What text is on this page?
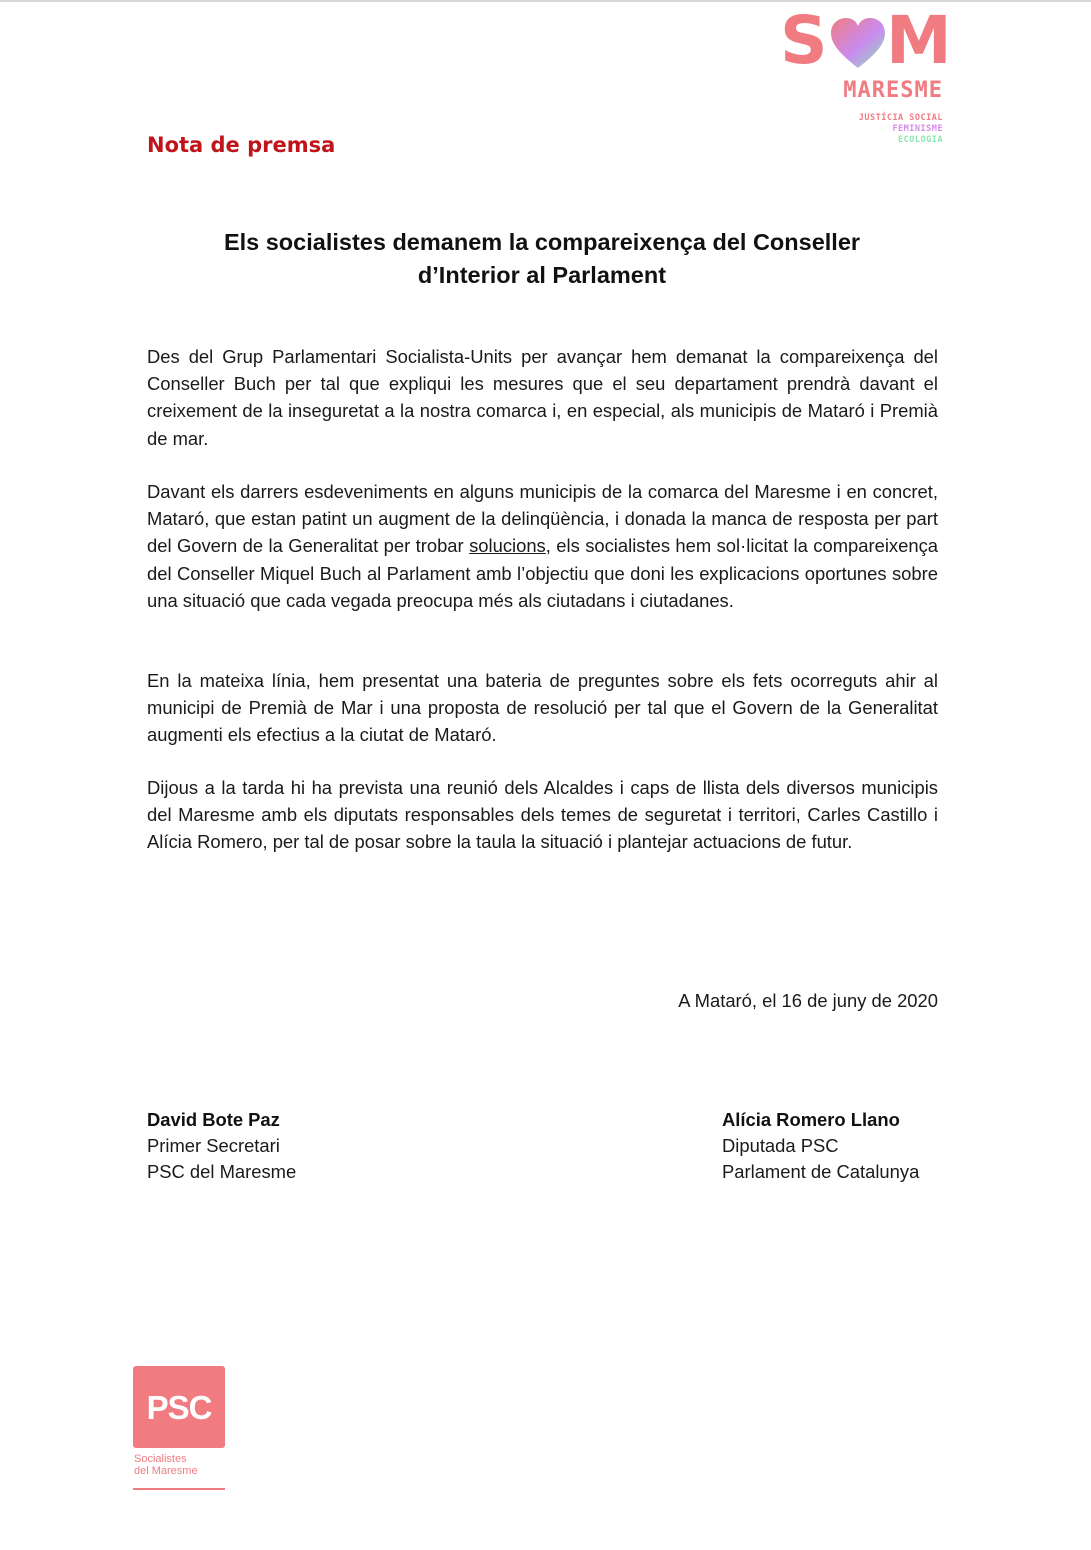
S M
MARESME
JUSTÍCIA SOCIAL
FEMINISME
ECOLOGIA
Nota de premsa
Els socialistes demanem la compareixença del Conseller
d’Interior al Parlament
Des del Grup Parlamentari Socialista-Units per avançar hem demanat la compareixença del Conseller Buch per tal que expliqui les mesures que el seu departament prendrà davant el creixement de la inseguretat a la nostra comarca i, en especial, als municipis de Mataró i Premià de mar.
Davant els darrers esdeveniments en alguns municipis de la comarca del Maresme i en concret, Mataró, que estan patint un augment de la delinqüència, i donada la manca de resposta per part del Govern de la Generalitat per trobar solucions, els socialistes hem sol·licitat la compareixença del Conseller Miquel Buch al Parlament amb l’objectiu que doni les explicacions oportunes sobre una situació que cada vegada preocupa més als ciutadans i ciutadanes.
En la mateixa línia, hem presentat una bateria de preguntes sobre els fets ocorreguts ahir al municipi de Premià de Mar i una proposta de resolució per tal que el Govern de la Generalitat augmenti els efectius a la ciutat de Mataró.
Dijous a la tarda hi ha prevista una reunió dels Alcaldes i caps de llista dels diversos municipis del Maresme amb els diputats responsables dels temes de seguretat i territori, Carles Castillo i Alícia Romero, per tal de posar sobre la taula la situació i plantejar actuacions de futur.
A Mataró, el 16 de juny de 2020
David Bote Paz
Primer Secretari
PSC del Maresme
Alícia Romero Llano
Diputada PSC
Parlament de Catalunya
PSC
Socialistes
del Maresme
